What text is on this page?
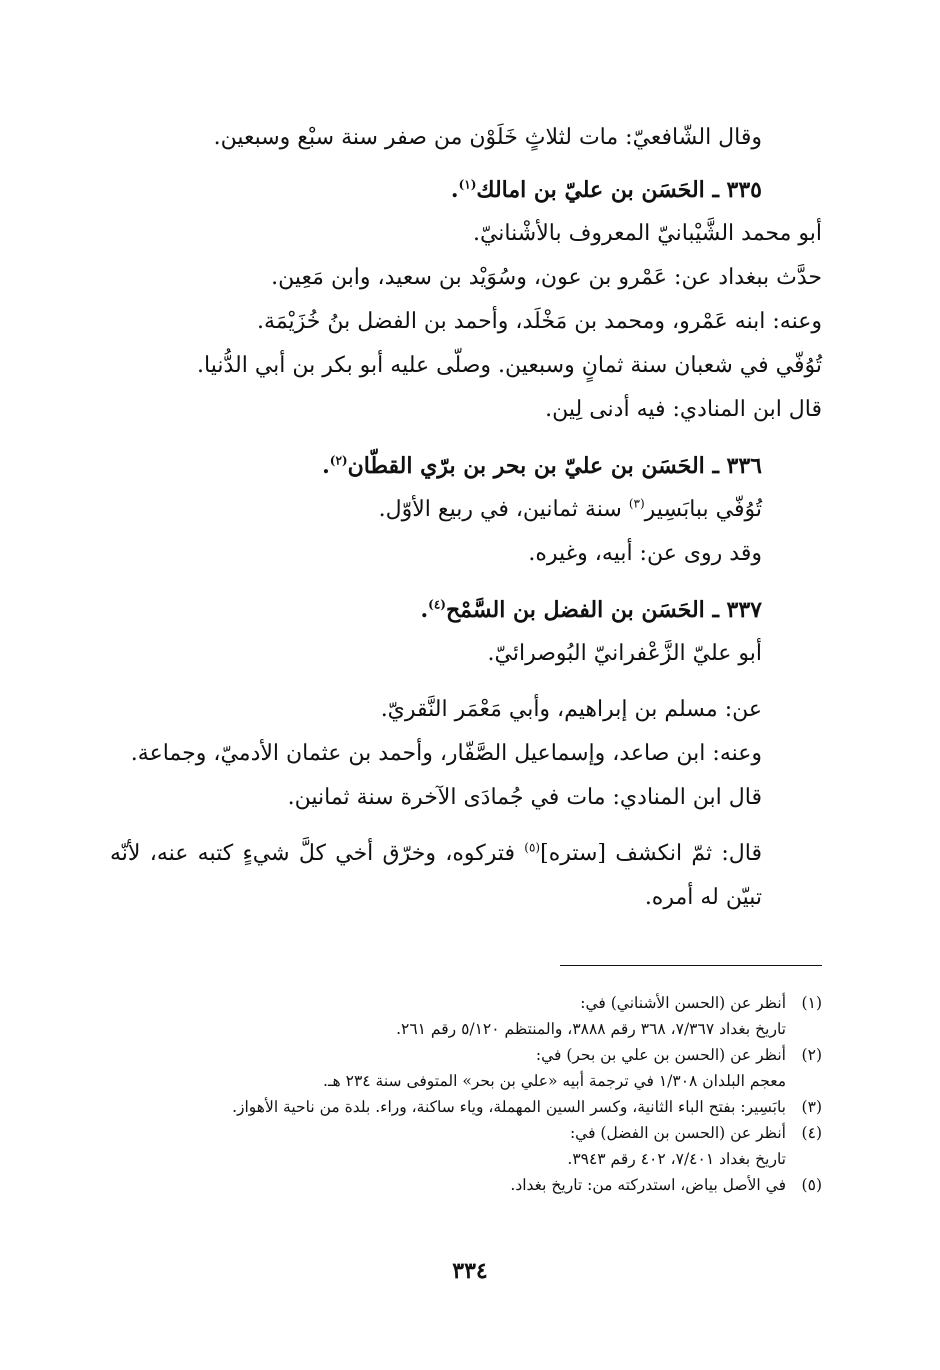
وقال الشّافعيّ: مات لثلاثٍ خَلَوْن من صفر سنة سبْع وسبعين.
٣٣٥ ـ الحَسَن بن عليّ بن امالك$^{(١)}$.
أبو محمد الشَّيْبانيّ المعروف بالأشْنانيّ.
حدَّث ببغداد عن: عَمْرو بن عون، وسُوَيْد بن سعيد، وابن مَعِين.
وعنه: ابنه عَمْرو، ومحمد بن مَخْلَد، وأحمد بن الفضل بنُ خُزَيْمَة.
تُوُفّي في شعبان سنة ثمانٍ وسبعين. وصلّى عليه أبو بكر بن أبي الدُّنيا.
قال ابن المنادي: فيه أدنى لِين.
٣٣٦ ـ الحَسَن بن عليّ بن بحر بن برّي القطّان$^{(٢)}$.
تُوُفّي ببابَسِير$^{(٣)}$ سنة ثمانين، في ربيع الأوّل.
وقد روى عن: أبيه، وغيره.
٣٣٧ ـ الحَسَن بن الفضل بن السَّمْح$^{(٤)}$.
أبو عليّ الزَّعْفرانيّ البُوصرائيّ.
عن: مسلم بن إبراهيم، وأبي مَعْمَر النَّقريّ.
وعنه: ابن صاعد، وإسماعيل الصَّفّار، وأحمد بن عثمان الأدميّ، وجماعة.
قال ابن المنادي: مات في جُمادَى الآخرة سنة ثمانين.
قال: ثمّ انكشف [ستره]$^{(٥)}$ فتركوه، وخرّق أخي كلَّ شيءٍ كتبه عنه، لأنّه تبيّن له أمره.
(١)
أنظر عن (الحسن الأشناني) في:
تاريخ بغداد ٧/٣٦٧، ٣٦٨ رقم ٣٨٨٨، والمنتظم ٥/١٢٠ رقم ٢٦١.
(٢)
أنظر عن (الحسن بن علي بن بحر) في:
معجم البلدان ١/٣٠٨ في ترجمة أبيه «علي بن بحر» المتوفى سنة ٢٣٤ هـ.
(٣)
بابَسِير: بفتح الباء الثانية، وكسر السين المهملة، وياء ساكنة، وراء. بلدة من ناحية الأهواز.
(٤)
أنظر عن (الحسن بن الفضل) في:
تاريخ بغداد ٧/٤٠١، ٤٠٢ رقم ٣٩٤٣.
(٥)
في الأصل بياض، استدركته من: تاريخ بغداد.
٣٣٤
